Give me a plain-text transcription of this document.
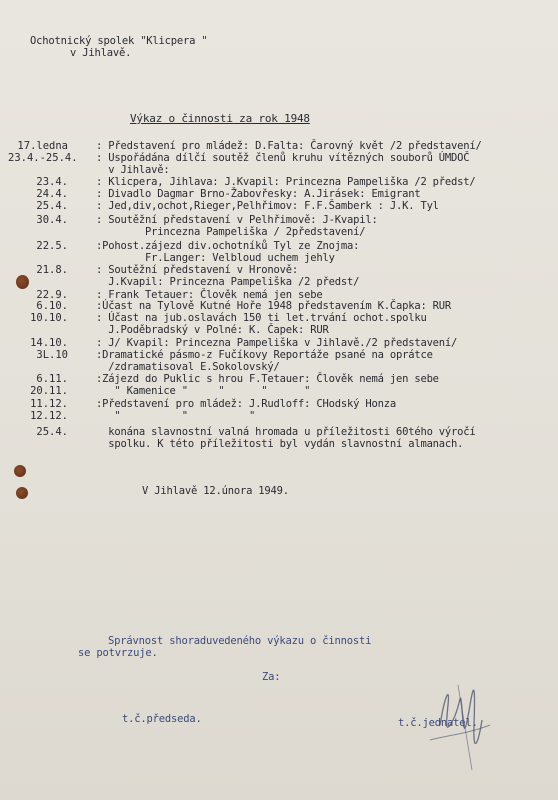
Ochotnický spolek "Klicpera "
v Jihlavě.
Výkaz o činnosti za rok 1948
17.ledna	: Představení pro mládež: D.Falta: Čarovný květ /2 představení/
23.4.-25.4. : Uspořádána dílčí soutěž členů kruhu vítězných souborů ÚMDOČ
v Jihlavě:
23.4.	: Klicpera, Jihlava: J.Kvapil: Princezna Pampeliška /2 předst/
24.4.	: Divadlo Dagmar Brno-Žabovřesky: A.Jirásek: Emigrant
25.4.	: Jed,div,ochot,Rieger,Pelhřimov: F.F.Šamberk : J.K. Tyl
30.4.	: Soutěžní představení v Pelhřimově: J-Kvapil:
Princezna Pampeliška / 2představení/
22.5.	:Pohost.zájezd div.ochotníků Tyl ze Znojma:
Fr.Langer: Velbloud uchem jehly
21.8.	: Soutěžní představení v Hronově:
J.Kvapil: Princezna Pampeliška /2 předst/
22.9.	: Frank Tetauer: Člověk nemá jen sebe
6.10.	:Účast na Tylově Kutné Hoře 1948 představením K.Čapka: RUR
10.10.	: Účast na jub.oslavách 150 ti let.trvání ochot.spolku
J.Poděbradský v Polné: K. Čapek: RUR
14.10.	: J/ Kvapil: Princezna Pampeliška v Jihlavě./2 představení/
3L.10	:Dramatické pásmo-z Fučíkovy Reportáže psané na oprátce
/zdramatisoval E.Sokolovský/
6.11.	:Zájezd do Puklic s hrou F.Tetauer: Člověk nemá jen sebe
20.11.	" Kamenice "     "      "      "
11.12.	:Představení pro mládež: J.Rudloff: CHodský Honza
12.12.	"          "          "
25.4.	konána slavnostní valná hromada u příležitosti 60tého výročí
spolku. K této příležitosti byl vydán slavnostní almanach.
V Jihlavě 12.února 1949.
Správnost shoraduvedeného výkazu o činnosti
se potvrzuje.
Za:
t.č.předseda.	t.č.jednatel.
